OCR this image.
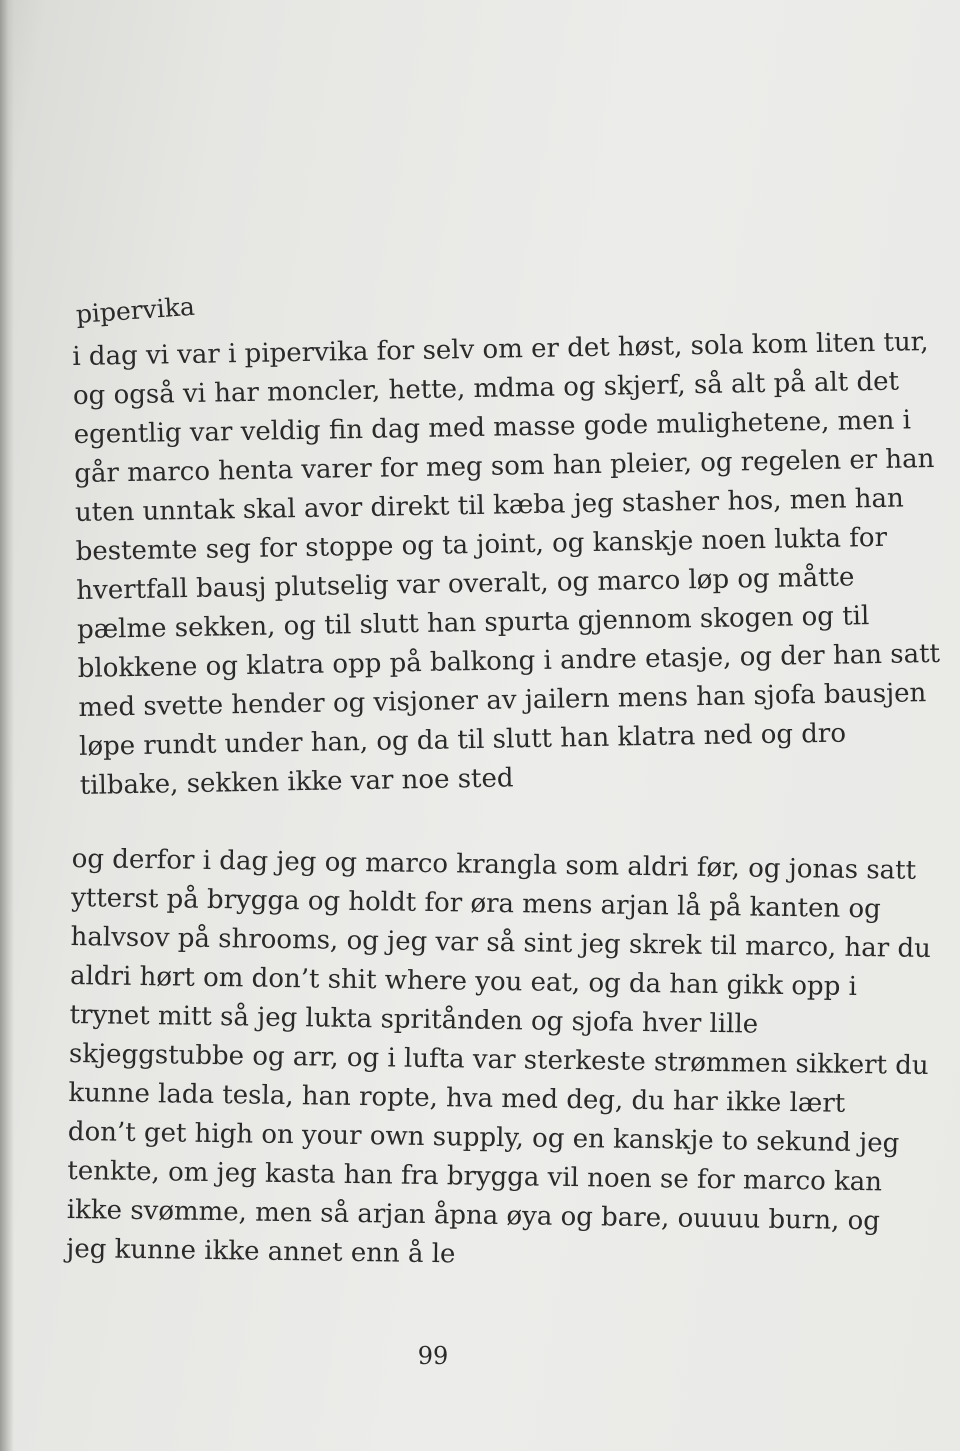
pipervika
i dag vi var i pipervika for selv om er det høst, sola kom liten tur,
og også vi har moncler, hette, mdma og skjerf, så alt på alt det
egentlig var veldig fin dag med masse gode mulighetene, men i
går marco henta varer for meg som han pleier, og regelen er han
uten unntak skal avor direkt til kæba jeg stasher hos, men han
bestemte seg for stoppe og ta joint, og kanskje noen lukta for
hvertfall bausj plutselig var overalt, og marco løp og måtte
pælme sekken, og til slutt han spurta gjennom skogen og til
blokkene og klatra opp på balkong i andre etasje, og der han satt
med svette hender og visjoner av jailern mens han sjofa bausjen
løpe rundt under han, og da til slutt han klatra ned og dro
tilbake, sekken ikke var noe sted
og derfor i dag jeg og marco krangla som aldri før, og jonas satt
ytterst på brygga og holdt for øra mens arjan lå på kanten og
halvsov på shrooms, og jeg var så sint jeg skrek til marco, har du
aldri hørt om don’t shit where you eat, og da han gikk opp i
trynet mitt så jeg lukta spritånden og sjofa hver lille
skjeggstubbe og arr, og i lufta var sterkeste strømmen sikkert du
kunne lada tesla, han ropte, hva med deg, du har ikke lært
don’t get high on your own supply, og en kanskje to sekund jeg
tenkte, om jeg kasta han fra brygga vil noen se for marco kan
ikke svømme, men så arjan åpna øya og bare, ouuuu burn, og
jeg kunne ikke annet enn å le
99
